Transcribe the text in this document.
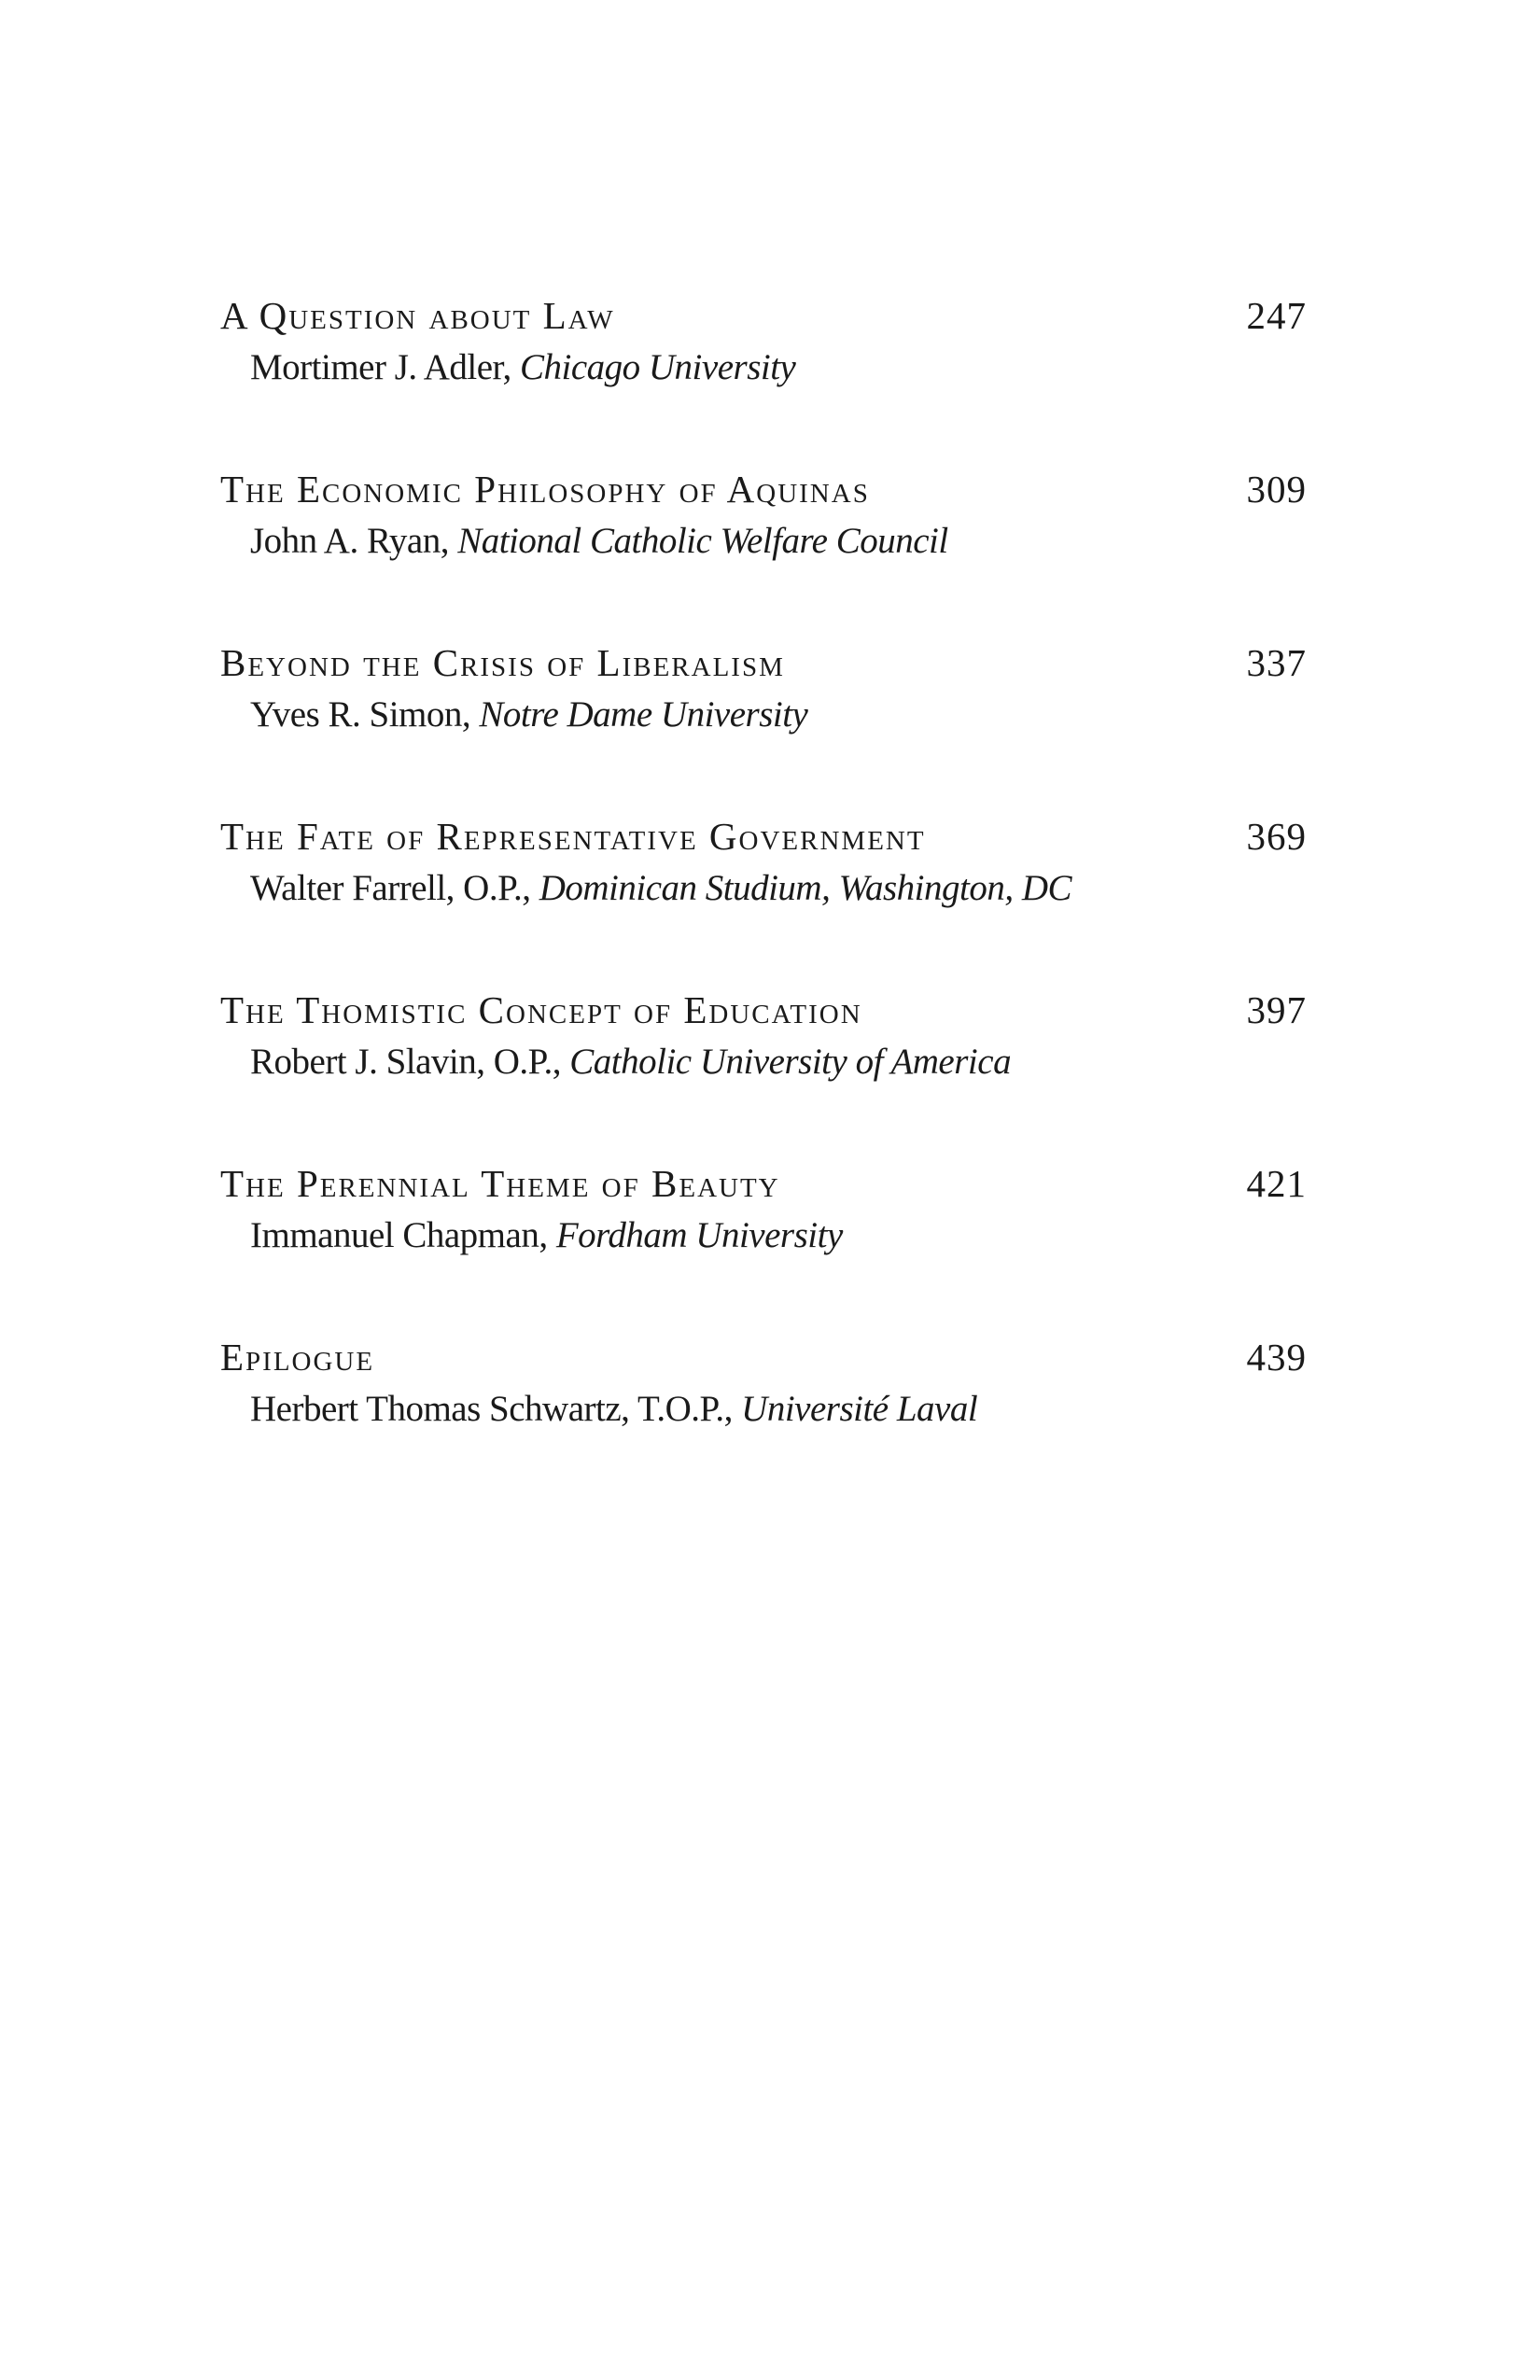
A Question about Law	247
Mortimer J. Adler, Chicago University
The Economic Philosophy of Aquinas	309
John A. Ryan, National Catholic Welfare Council
Beyond the Crisis of Liberalism	337
Yves R. Simon, Notre Dame University
The Fate of Representative Government	369
Walter Farrell, O.P., Dominican Studium, Washington, DC
The Thomistic Concept of Education	397
Robert J. Slavin, O.P., Catholic University of America
The Perennial Theme of Beauty	421
Immanuel Chapman, Fordham University
Epilogue	439
Herbert Thomas Schwartz, T.O.P., Université Laval
